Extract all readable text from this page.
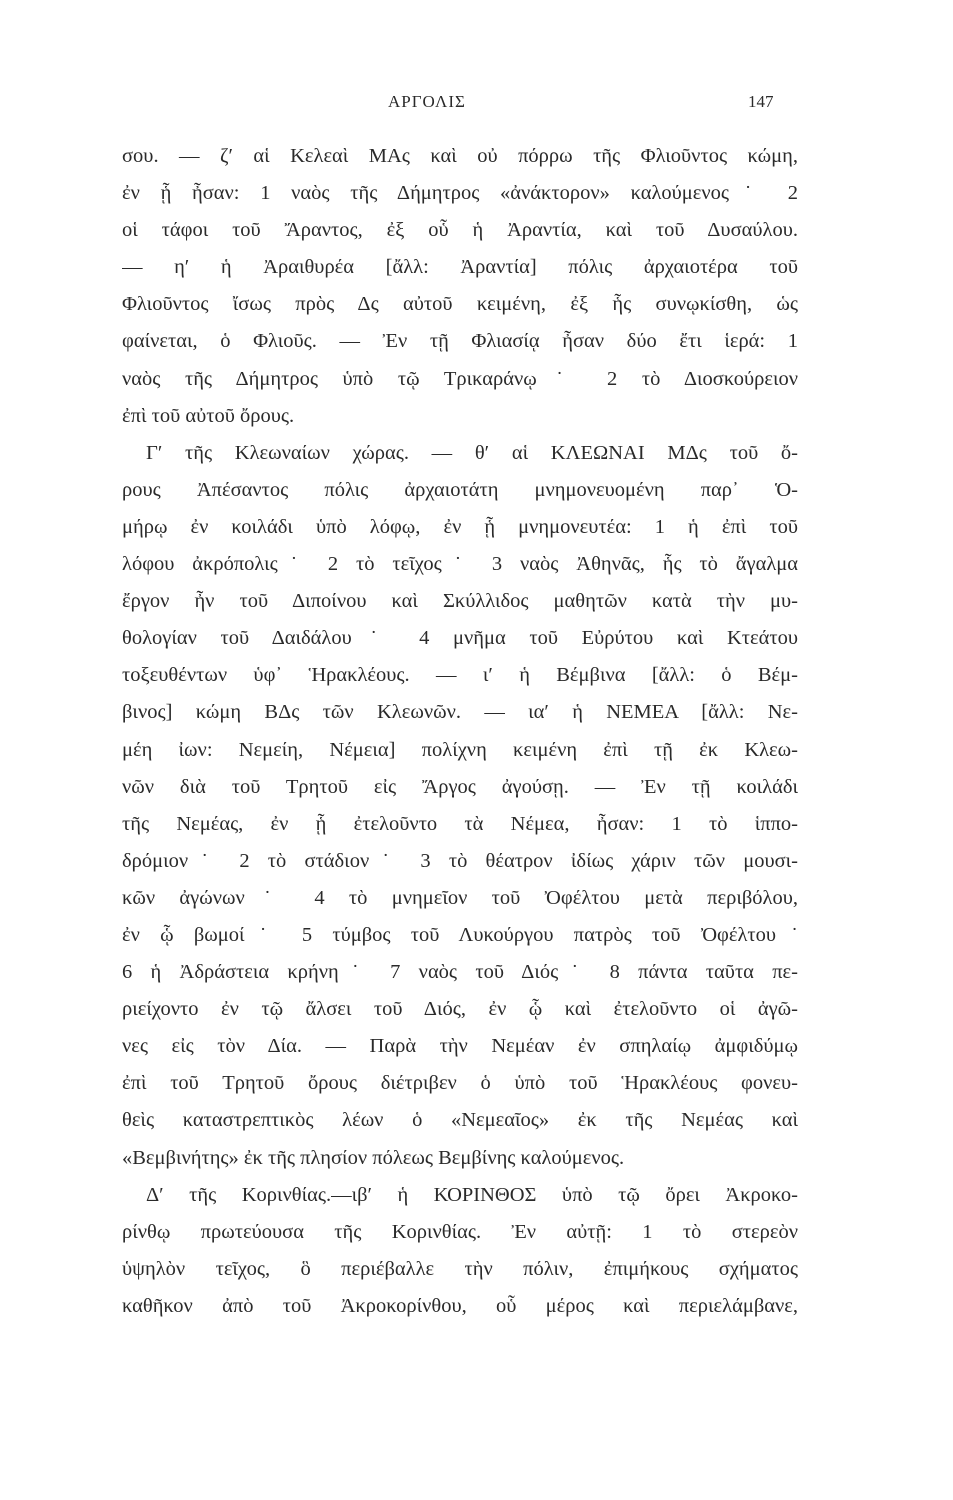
ΑΡΓΟΛΙΣ	147
σου. — ζ′ αἱ Κελεαὶ ΜΑς καὶ οὐ πόρρω τῆς Φλιοῦντος κώμη,
ἐν ᾗ ἦσαν: 1 ναὸς τῆς Δήμητρος «ἀνάκτορον» καλούμενος˙ 2
οἱ τάφοι τοῦ Ἄραντος, ἐξ οὗ ἡ Ἀραντία, καὶ τοῦ Δυσαύλου.
— η′ ἡ Ἀραιθυρέα [ἄλλ: Ἀραντία] πόλις ἀρχαιοτέρα τοῦ
Φλιοῦντος ἴσως πρὸς Δς αὐτοῦ κειμένη, ἐξ ἧς συνῳκίσθη, ὡς
φαίνεται, ὁ Φλιοῦς. — Ἐν τῇ Φλιασίᾳ ἦσαν δύο ἔτι ἱερά: 1
ναὸς τῆς Δήμητρος ὑπὸ τῷ Τρικαράνῳ˙ 2 τὸ Διοσκούρειον
ἐπὶ τοῦ αὐτοῦ ὄρους.
Γ′ τῆς Κλεωναίων χώρας. — θ′ αἱ ΚΛΕΩΝΑΙ ΜΔς τοῦ ὄ-
ρους Ἀπέσαντος πόλις ἀρχαιοτάτη μνημονευομένη παρ᾽ Ὁ-
μήρῳ ἐν κοιλάδι ὑπὸ λόφῳ, ἐν ᾗ μνημονευτέα: 1 ἡ ἐπὶ τοῦ
λόφου ἀκρόπολις˙ 2 τὸ τεῖχος˙ 3 ναὸς Ἀθηνᾶς, ἧς τὸ ἄγαλμα
ἔργον ἦν τοῦ Διποίνου καὶ Σκύλλιδος μαθητῶν κατὰ τὴν μυ-
θολογίαν τοῦ Δαιδάλου˙ 4 μνῆμα τοῦ Εὐρύτου καὶ Κτεάτου
τοξευθέντων ὑφ᾽ Ἡρακλέους. — ι′ ἡ Βέμβινα [ἄλλ: ὁ Βέμ-
βινος] κώμη ΒΔς τῶν Κλεωνῶν. — ια′ ἡ ΝΕΜΕΑ [ἄλλ: Νε-
μέη ἰων: Νεμείη, Νέμεια] πολίχνη κειμένη ἐπὶ τῇ ἐκ Κλεω-
νῶν διὰ τοῦ Τρητοῦ εἰς Ἄργος ἀγούσῃ. — Ἐν τῇ κοιλάδι
τῆς Νεμέας, ἐν ᾗ ἐτελοῦντο τὰ Νέμεα, ἦσαν: 1 τὸ ἱππο-
δρόμιον˙ 2 τὸ στάδιον˙ 3 τὸ θέατρον ἰδίως χάριν τῶν μουσι-
κῶν ἀγώνων˙ 4 τὸ μνημεῖον τοῦ Ὀφέλτου μετὰ περιβόλου,
ἐν ᾧ βωμοί˙ 5 τύμβος τοῦ Λυκούργου πατρὸς τοῦ Ὀφέλτου˙
6 ἡ Ἀδράστεια κρήνη˙ 7 ναὸς τοῦ Διός˙ 8 πάντα ταῦτα πε-
ριείχοντο ἐν τῷ ἄλσει τοῦ Διός, ἐν ᾧ καὶ ἐτελοῦντο οἱ ἀγῶ-
νες εἰς τὸν Δία. — Παρὰ τὴν Νεμέαν ἐν σπηλαίῳ ἀμφιδύμῳ
ἐπὶ τοῦ Τρητοῦ ὄρους διέτριβεν ὁ ὑπὸ τοῦ Ἡρακλέους φονευ-
θεὶς καταστρεπτικὸς λέων ὁ «Νεμεαῖος» ἐκ τῆς Νεμέας καὶ
«Βεμβινήτης» ἐκ τῆς πλησίον πόλεως Βεμβίνης καλούμενος.
Δ′ τῆς Κορινθίας.—ιβ′ ἡ ΚΟΡΙΝΘΟΣ ὑπὸ τῷ ὄρει Ἀκροκο-
ρίνθῳ πρωτεύουσα τῆς Κορινθίας. Ἐν αὐτῇ: 1 τὸ στερεὸν
ὑψηλὸν τεῖχος, ὃ περιέβαλλε τὴν πόλιν, ἐπιμήκους σχήματος
καθῆκον ἀπὸ τοῦ Ἀκροκορίνθου, οὗ μέρος καὶ περιελάμβανε,
